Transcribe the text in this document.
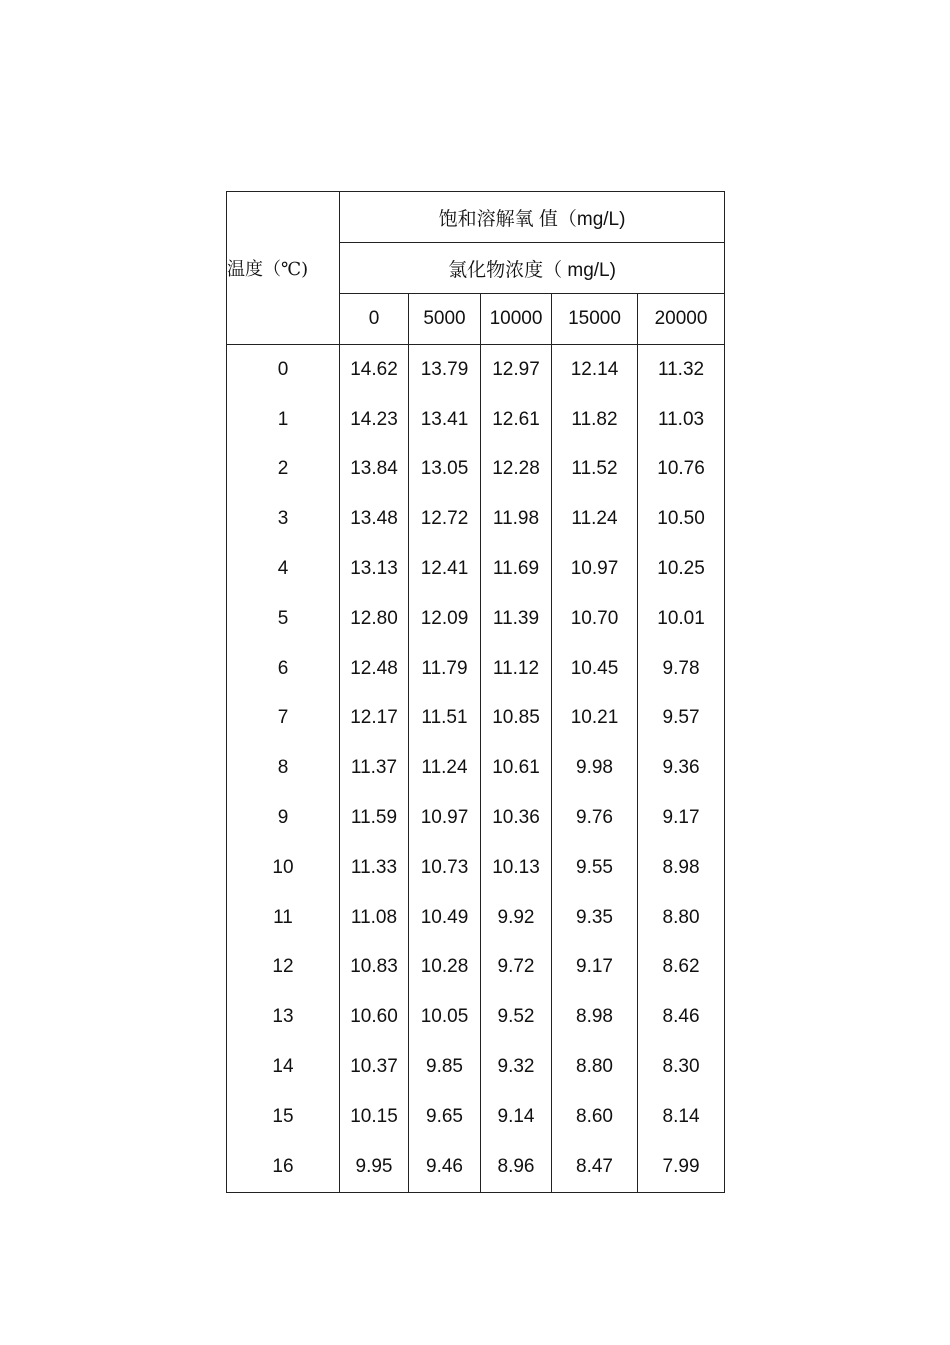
温度（℃)	饱和溶解氧 值（mg/L)				
	氯化物浓度（ mg/L)				
	0	5000	10000	15000	20000
0	14.62	13.79	12.97	12.14	11.32
1	14.23	13.41	12.61	11.82	11.03
2	13.84	13.05	12.28	11.52	10.76
3	13.48	12.72	11.98	11.24	10.50
4	13.13	12.41	11.69	10.97	10.25
5	12.80	12.09	11.39	10.70	10.01
6	12.48	11.79	11.12	10.45	9.78
7	12.17	11.51	10.85	10.21	9.57
8	11.37	11.24	10.61	9.98	9.36
9	11.59	10.97	10.36	9.76	9.17
10	11.33	10.73	10.13	9.55	8.98
11	11.08	10.49	9.92	9.35	8.80
12	10.83	10.28	9.72	9.17	8.62
13	10.60	10.05	9.52	8.98	8.46
14	10.37	9.85	9.32	8.80	8.30
15	10.15	9.65	9.14	8.60	8.14
16	9.95	9.46	8.96	8.47	7.99
